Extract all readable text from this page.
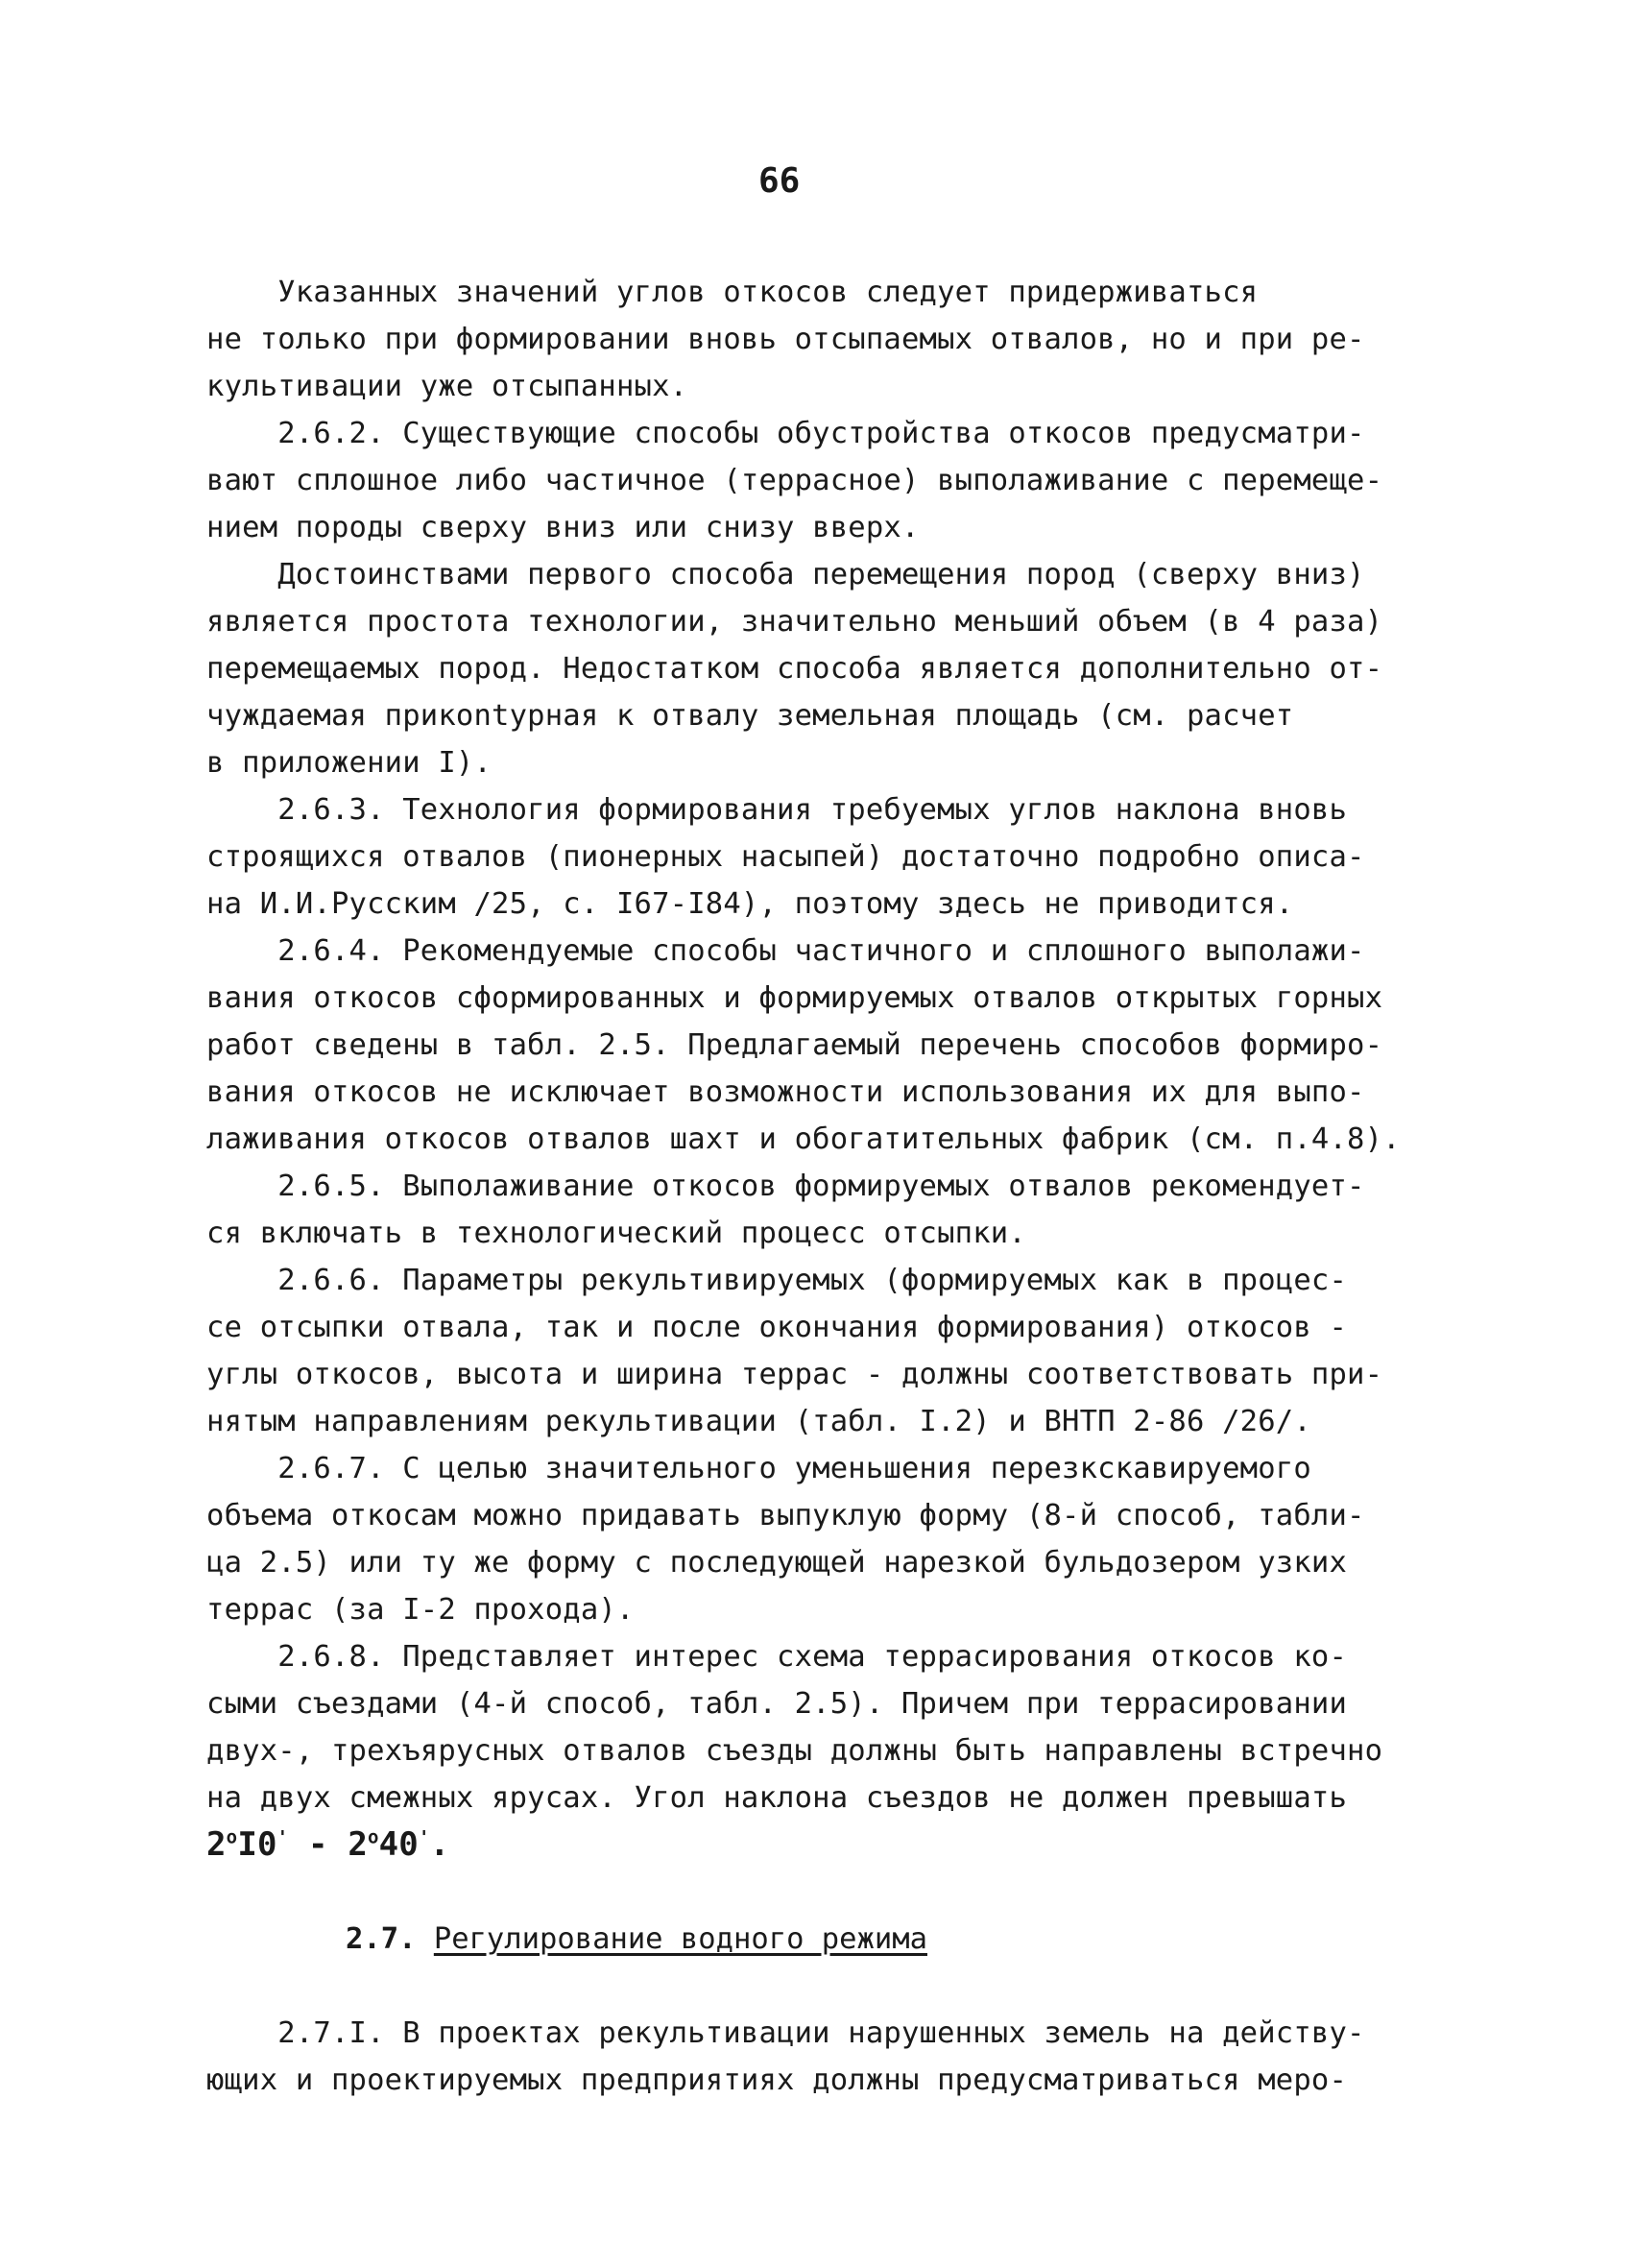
66
Указанных значений углов откосов следует придерживаться
не только при формировании вновь отсыпаемых отвалов, но и при ре-
культивации уже отсыпанных.
2.6.2. Существующие способы обустройства откосов предусматри-
вают сплошное либо частичное (террасное) выполаживание с перемеще-
нием породы сверху вниз или снизу вверх.
Достоинствами первого способа перемещения пород (сверху вниз)
является простота технологии, значительно меньший объем (в 4 раза)
перемещаемых пород. Недостатком способа является дополнительно от-
чуждаемая прикontурная к отвалу земельная площадь (см. расчет
в приложении I).
2.6.3. Технология формирования требуемых углов наклона вновь
строящихся отвалов (пионерных насыпей) достаточно подробно описа-
на И.И.Русским /25, с. I67-I84), поэтому здесь не приводится.
2.6.4. Рекомендуемые способы частичного и сплошного выполажи-
вания откосов сформированных и формируемых отвалов открытых горных
работ сведены в табл. 2.5. Предлагаемый перечень способов формиро-
вания откосов не исключает возможности использования их для выпо-
лаживания откосов отвалов шахт и обогатительных фабрик (см. п.4.8).
2.6.5. Выполаживание откосов формируемых отвалов рекомендует-
ся включать в технологический процесс отсыпки.
2.6.6. Параметры рекультивируемых (формируемых как в процес-
се отсыпки отвала, так и после окончания формирования) откосов -
углы откосов, высота и ширина террас - должны соответствовать при-
нятым направлениям рекультивации (табл. I.2) и ВНТП 2-86 /26/.
2.6.7. С целью значительного уменьшения перезкскавируемого
объема откосам можно придавать выпуклую форму (8-й способ, табли-
ца 2.5) или ту же форму с последующей нарезкой бульдозером узких
террас (за I-2 прохода).
2.6.8. Представляет интерес схема террасирования откосов ко-
сыми съездами (4-й способ, табл. 2.5). Причем при террасировании
двух-, трехъярусных отвалов съезды должны быть направлены встречно
на двух смежных ярусах. Угол наклона съездов не должен превышать
2$^o$I0' - 2$^o$40'.
2.7. Регулирование водного режима
2.7.I. В проектах рекультивации нарушенных земель на действу-
ющих и проектируемых предприятиях должны предусматриваться меро-
